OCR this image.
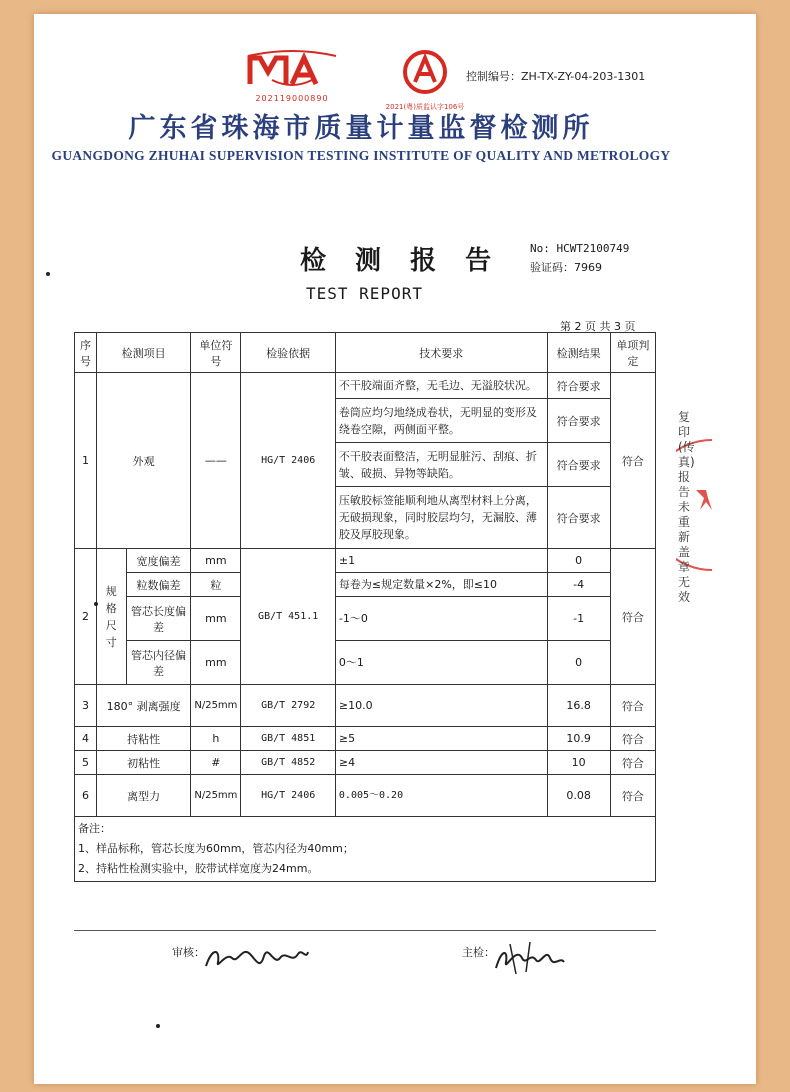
202119000890
2021(粤)质监认字106号
控制编号：ZH-TX-ZY-04-203-1301
广东省珠海市质量计量监督检测所
GUANGDONG ZHUHAI SUPERVISION TESTING INSTITUTE OF QUALITY AND METROLOGY
检 测 报 告
TEST REPORT
No: HCWT2100749
验证码：7969
第 2 页 共 3 页
序号	检测项目		单位符号	检验依据	技术要求	检测结果	单项判定
1	外观		——	HG/T 2406	不干胶端面齐整，无毛边、无溢胶状况。	符合要求	符合
					卷筒应均匀地绕成卷状，无明显的变形及绕卷空隙，两侧面平整。	符合要求	
					不干胶表面整洁，无明显脏污、刮痕、折皱、破损、异物等缺陷。	符合要求	
					压敏胶标签能顺利地从离型材料上分离，无破损现象，同时胶层均匀，无漏胶、薄胶及厚胶现象。	符合要求	
2	规格尺寸	宽度偏差	mm	GB/T 451.1	±1	0	符合
		粒数偏差	粒		每卷为≤规定数量×2%，即≤10	-4	
		管芯长度偏差	mm		-1～0	-1	
		管芯内径偏差	mm		0～1	0	
3	180° 剥离强度		N/25mm	GB/T 2792	≥10.0	16.8	符合
4	持粘性		h	GB/T 4851	≥5	10.9	符合
5	初粘性		#	GB/T 4852	≥4	10	符合
6	离型力		N/25mm	HG/T 2406	0.005～0.20	0.08	符合

备注：
1、样品标称，管芯长度为60mm，管芯内径为40mm；
2、持粘性检测实验中，胶带试样宽度为24mm。							
审核：	主检：
复印(传真)报告未重新盖章无效
